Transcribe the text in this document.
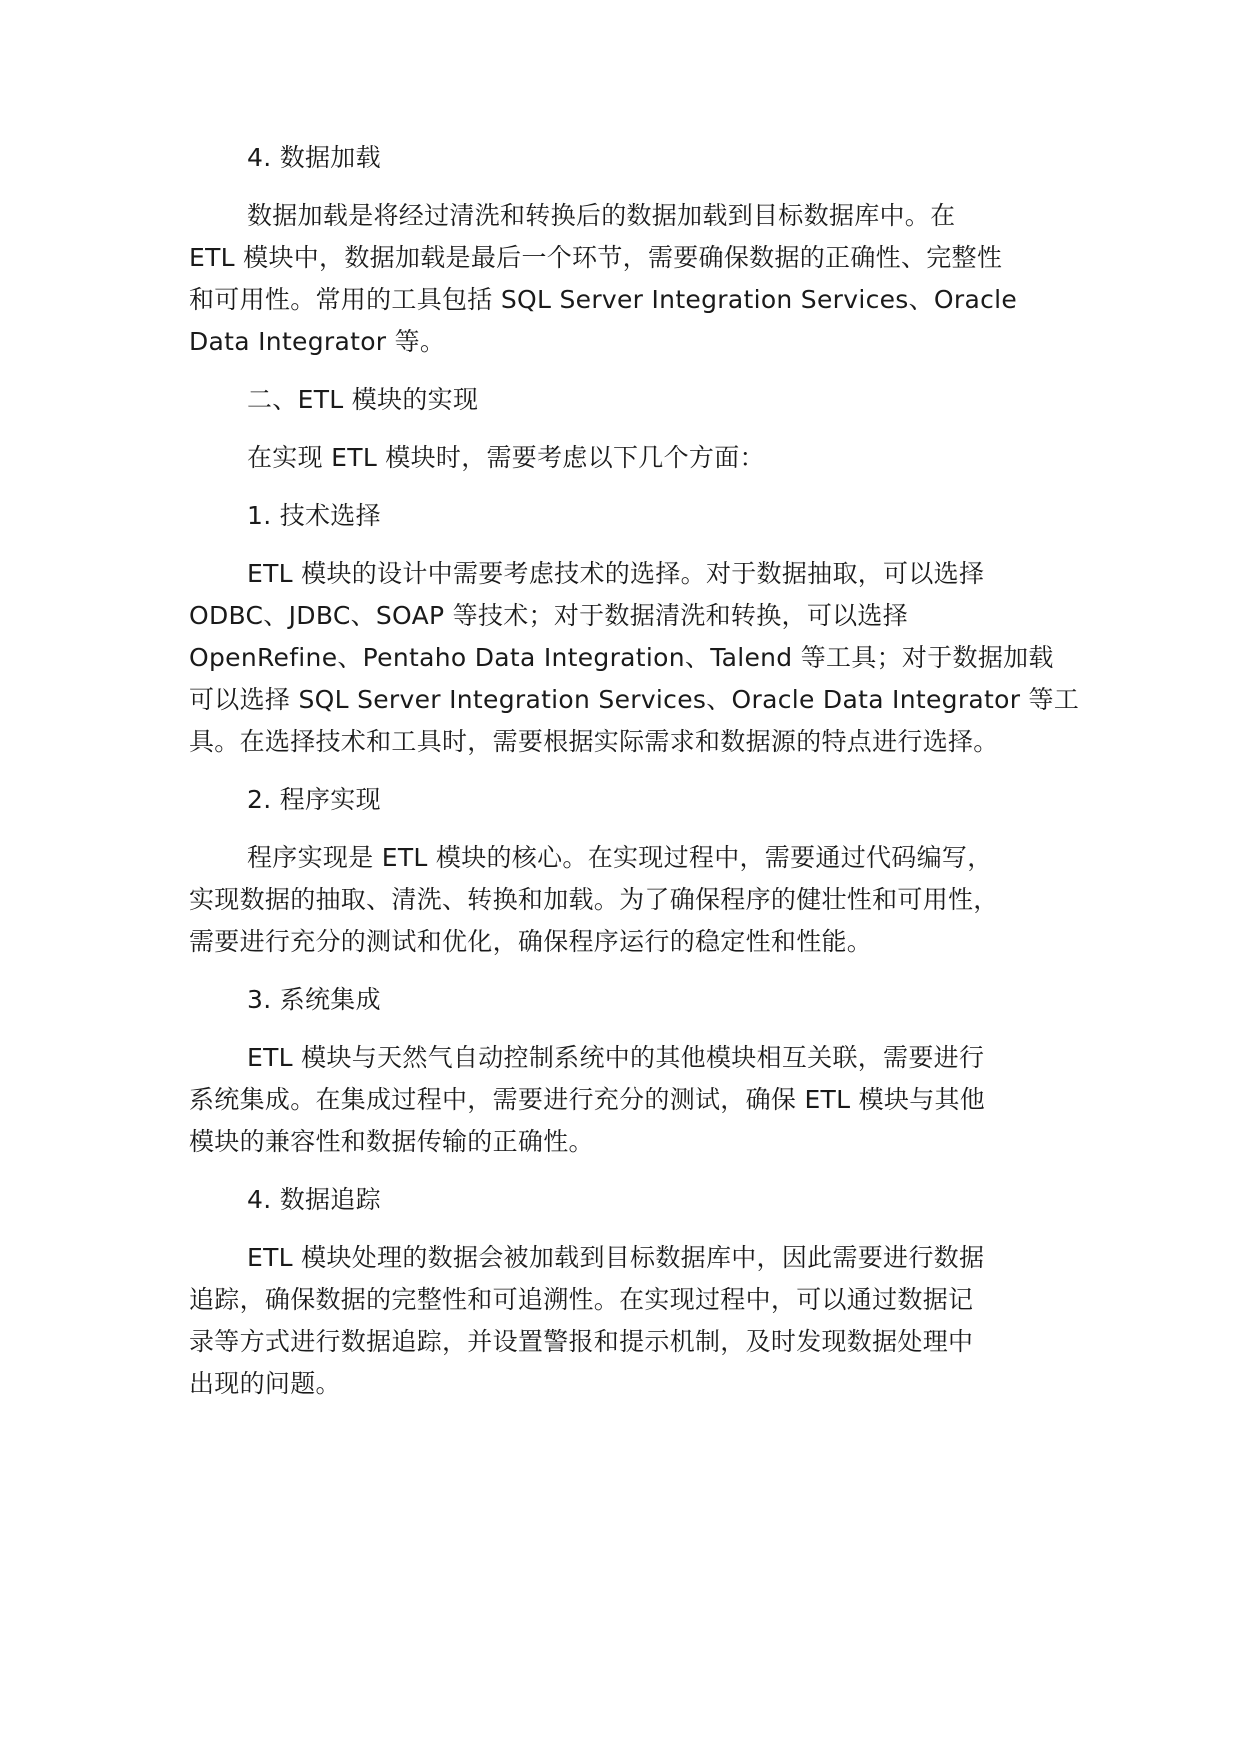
4. 数据加载
数据加载是将经过清洗和转换后的数据加载到目标数据库中。在
ETL 模块中，数据加载是最后一个环节，需要确保数据的正确性、完整性
和可用性。常用的工具包括 SQL Server Integration Services、Oracle
Data Integrator 等。
二、ETL 模块的实现
在实现 ETL 模块时，需要考虑以下几个方面：
1. 技术选择
ETL 模块的设计中需要考虑技术的选择。对于数据抽取，可以选择
ODBC、JDBC、SOAP 等技术；对于数据清洗和转换，可以选择
OpenRefine、Pentaho Data Integration、Talend 等工具；对于数据加载
可以选择 SQL Server Integration Services、Oracle Data Integrator 等工
具。在选择技术和工具时，需要根据实际需求和数据源的特点进行选择。
2. 程序实现
程序实现是 ETL 模块的核心。在实现过程中，需要通过代码编写，
实现数据的抽取、清洗、转换和加载。为了确保程序的健壮性和可用性，
需要进行充分的测试和优化，确保程序运行的稳定性和性能。
3. 系统集成
ETL 模块与天然气自动控制系统中的其他模块相互关联，需要进行
系统集成。在集成过程中，需要进行充分的测试，确保 ETL 模块与其他
模块的兼容性和数据传输的正确性。
4. 数据追踪
ETL 模块处理的数据会被加载到目标数据库中，因此需要进行数据
追踪，确保数据的完整性和可追溯性。在实现过程中，可以通过数据记
录等方式进行数据追踪，并设置警报和提示机制，及时发现数据处理中
出现的问题。
